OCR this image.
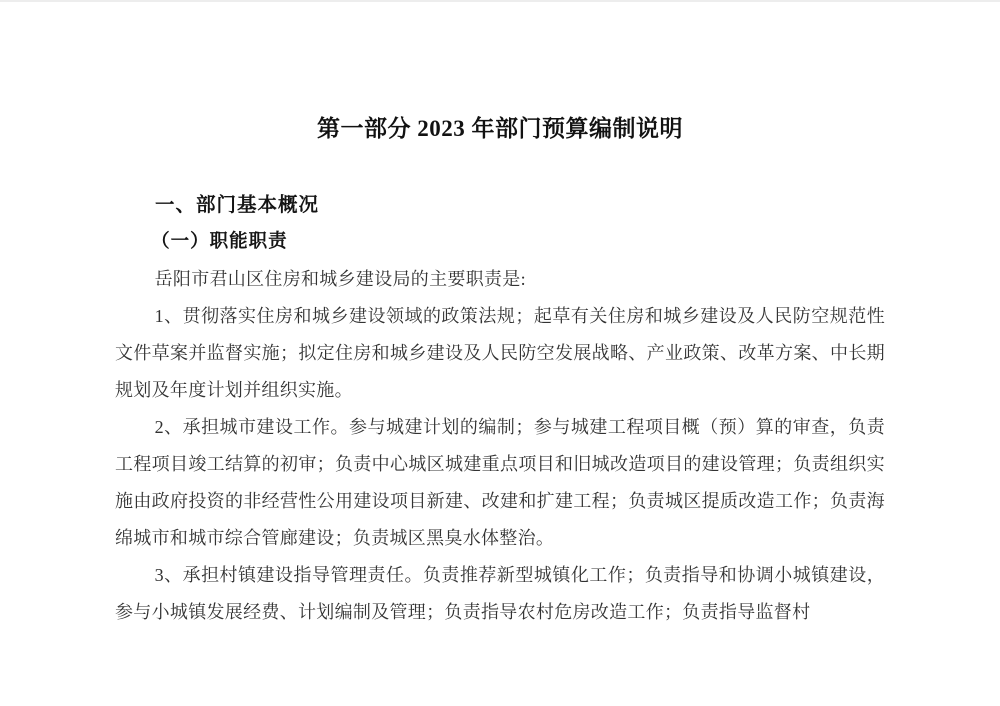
第一部分 2023 年部门预算编制说明
一、部门基本概况
（一）职能职责

岳阳市君山区住房和城乡建设局的主要职责是:

1、贯彻落实住房和城乡建设领域的政策法规；起草有关住房和城乡建设及人民防空规范性文件草案并监督实施；拟定住房和城乡建设及人民防空发展战略、产业政策、改革方案、中长期规划及年度计划并组织实施。

2、承担城市建设工作。参与城建计划的编制；参与城建工程项目概（预）算的审查，负责工程项目竣工结算的初审；负责中心城区城建重点项目和旧城改造项目的建设管理；负责组织实施由政府投资的非经营性公用建设项目新建、改建和扩建工程；负责城区提质改造工作；负责海绵城市和城市综合管廊建设；负责城区黑臭水体整治。

3、承担村镇建设指导管理责任。负责推荐新型城镇化工作；负责指导和协调小城镇建设，参与小城镇发展经费、计划编制及管理；负责指导农村危房改造工作；负责指导监督村
